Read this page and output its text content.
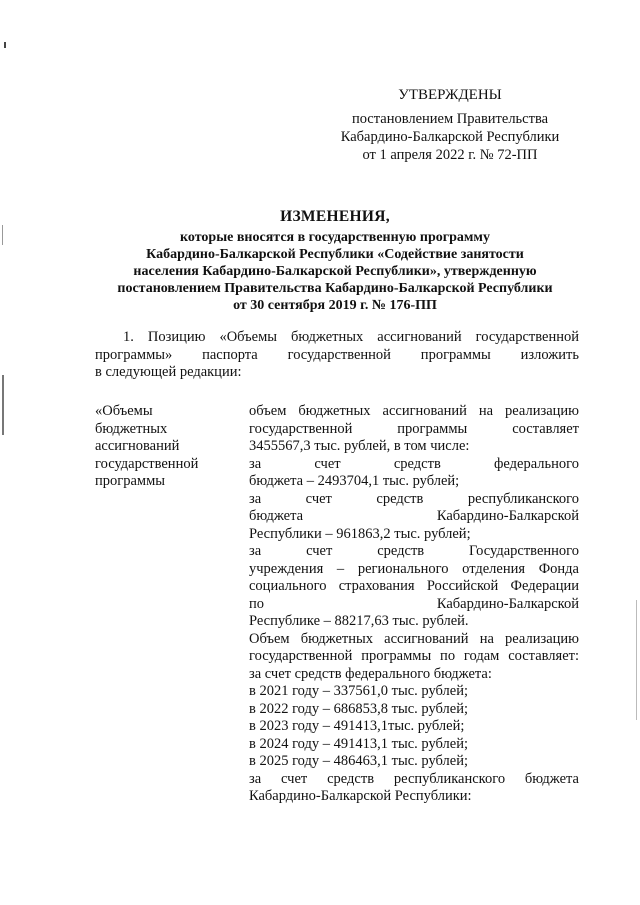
УТВЕРЖДЕНЫ
постановлением Правительства
Кабардино-Балкарской Республики
от 1 апреля 2022 г. № 72-ПП
ИЗМЕНЕНИЯ,
которые вносятся в государственную программу
Кабардино-Балкарской Республики «Содействие занятости
населения Кабардино-Балкарской Республики», утвержденную
постановлением Правительства Кабардино-Балкарской Республики
от 30 сентября 2019 г. № 176-ПП
1. Позицию «Объемы бюджетных ассигнований государственной
программы» паспорта государственной программы изложить
в следующей редакции:
«Объемы
бюджетных
ассигнований
государственной
программы
объем бюджетных ассигнований на реализацию
государственной программы составляет
3455567,3 тыс. рублей, в том числе:
за счет средств федерального
бюджета – 2493704,1 тыс. рублей;
за счет средств республиканского
бюджета Кабардино-Балкарской
Республики – 961863,2 тыс. рублей;
за счет средств Государственного
учреждения – регионального отделения Фонда
социального страхования Российской Федерации
по Кабардино-Балкарской
Республике – 88217,63 тыс. рублей.
Объем бюджетных ассигнований на реализацию
государственной программы по годам составляет:
за счет средств федерального бюджета:
в 2021 году – 337561,0 тыс. рублей;
в 2022 году – 686853,8 тыс. рублей;
в 2023 году – 491413,1тыс. рублей;
в 2024 году – 491413,1 тыс. рублей;
в 2025 году – 486463,1 тыс. рублей;
за счет средств республиканского бюджета
Кабардино-Балкарской Республики:
